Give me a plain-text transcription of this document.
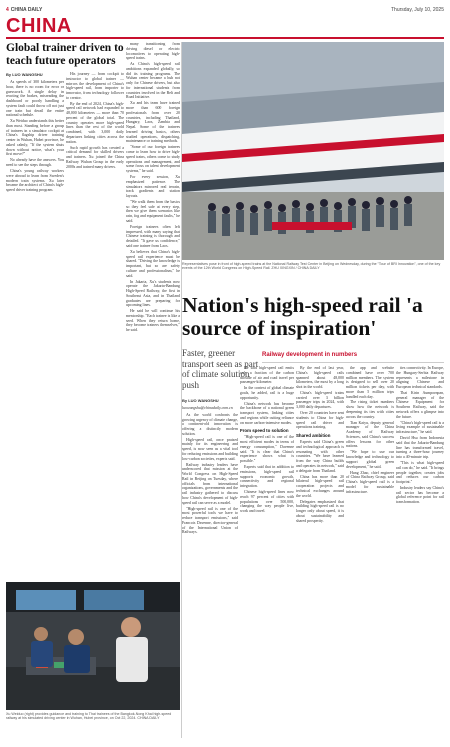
4 CHINA DAILY	Thursday, July 10, 2025
CHINA
Global trainer driven to teach future operators
By LUO WANGSHU

As speeds of 300 kilometers per hour, there is no room for error or guesswork. A single delay in reacting the brakes, misreading the dashboard or poorly handling a system fault could throw off not just one train but derail the entire national schedule.

Xu Weiduo understands this better than most. Standing before a group of trainees in a simulator cockpit at China's flagship driver training center in Wuhan, Hubei province, he asked calmly, "If the system shuts down without notice, what's your first move?"

No already have the answers. You need to see the steps through.

China's young railway workers were abroad to learn from Sweden's modern train systems. Xu later became the architect of China's high-speed driver training program.

His journey — from cockpit to instructor to global trainer — mirrors the development of China's high-speed rail, from importer to innovator, from technology follower to creator.

By the end of 2024, China's high-speed rail network had expanded to 48,000 kilometers — more than 70 percent of the global total. The country operates more high-speed lines than the rest of the world combined, with 3,000 daily departures linking cities across the nation.

Such rapid growth has created a critical demand for skilled drivers and trainers. Xu joined the China Railway Wuhan Group in the early 2000s and trained many drivers.

many transitioning from driving diesel or electric locomotives to operating high-speed trains.

As China's high-speed rail ambitions expanded globally, so did its training programs. The Wuhan center became a hub not only for Chinese drivers, but also for international students from countries involved in the Belt and Road Initiative.

Xu and his team have trained more than 600 foreign professionals from over 20 countries, including Thailand, Hungary, Laos, Zambia and Nepal. Some of the trainees learned driving basics, others studied operations, dispatching, maintenance or training methods.

"Some of our foreign trainees come to learn how to drive high-speed trains, others come to study operations and management, and some focus on talent development systems," he said.

For every session, Xu emphasized patience. The simulators mirrored real terrain, track gradients and station layouts.

"We walk them from the basics so they feel safe at every step, then we give them scenarios like rain, fog and equipment faults," he said.

Foreign trainees often left impressed, with many saying that Chinese training is thorough and detailed. "It gave us confidence," said one trainee from Laos.

Xu believes that China's high-speed rail experience must be shared. "Driving the knowledge is important, but so are safety culture and professionalism," he said.

In Jakarta, Xu's students now operate the Jakarta-Bandung High-Speed Railway, the first in Southeast Asia, and in Thailand graduates are preparing for upcoming lines.

He said he will continue his mentorship. "Each trainee is like a seed. When they return home, they become trainers themselves," he said.

Xu Weiduo (right) provides guidance and training to Thai trainees of the Bangkok-Nong Khai high-speed railway at his simulated driving center in Wuhan, Hubei province, on Oct 22, 2024. CHINA DAILY
Representatives pose in front of high-speed trains at the National Railway Test Center in Beijing on Wednesday, during the "Tour of BRI Innovation", one of the key events of the 12th World Congress on High-Speed Rail. ZHU XINGXIN / CHINA DAILY
Nation's high-speed rail 'a source of inspiration'
Faster, greener transport seen as part of climate solution push
Railway development in numbers
By LUO WANGSHU
luowangshu@chinadaily.com.cn

As the world confronts the growing urgency of climate change, a continent-old innovation is offering a distinctly modern solution.

High-speed rail, once praised mainly for its engineering and speed, is now seen as a vital tool for reducing emissions and building low-carbon societies, experts said.

Railway industry leaders have underscored that mission at the World Congress on High-Speed Rail in Beijing on Tuesday, where officials from international organizations, governments and the rail industry gathered to discuss how China's development of high-speed rail can serve as a model.

"High-speed rail is one of the most powerful tools we have to reduce transport emissions," said Francois Davenne, director-general of the International Union of Railways.

He said high-speed rail emits only a fraction of the carbon dioxide of air and road travel per passenger-kilometer.

In the context of global climate goals, he added, rail is a huge opportunity.

China's network has become the backbone of a national green transport system, linking cities and regions while cutting reliance on more carbon-intensive modes.

From speed to solution

"High-speed rail is one of the most efficient modes in terms of energy consumption," Davenne said. "It is clear that China's experience shows what is possible."

Experts said that in addition to emissions, high-speed rail supports economic growth, connectivity and regional integration.

Chinese high-speed lines now reach 97 percent of cities with populations over 500,000, changing the way people live, work and travel.

By the end of last year, China's high-speed rails spanned about 48,000 kilometers, the most by a long shot in the world.

China's high-speed trains carried over 3 billion passenger trips in 2024, with 3,000 daily departures.

Over 20 countries have sent students to China for high-speed rail driver and operations training.

Shared ambition

Experts said China's green and technological approach is resonating with other countries. "We have learned from the way China builds and operates its network," said a delegate from Thailand.

China has more than 20 bilateral high-speed rail cooperation projects and technical exchanges around the world.

Delegates emphasized that building high-speed rail is no longer only about speed, it is about sustainability and shared prosperity.

the app and website combined have over 700 million members. The system is designed to sell over 20 million tickets per day, with more than 5 million trips handled each day.

The rising ticket numbers show how the network is deepening its ties with cities across the country.

Tian Kaiyu, deputy general manager of the China Academy of Railway Sciences, said China's success offers lessons for other nations.

"We hope to use our knowledge and technology to support global green development," he said.

Hung Zhao, chief engineer of China Railway Group, said China's high-speed rail is a model for sustainable infrastructure.

ties connectivity. In Europe, the Hungary-Serbia Railway represents a milestone in aligning Chinese and European technical standards.

Thai Kirin Aumpornpan, general manager of the Chinese Equipment for Southern Railway, said the network offers a glimpse into the future.

"China's high-speed rail is a living example of sustainable infrastructure," he said.

David Hsu from Indonesia said that the Jakarta-Bandung line has transformed travel, turning a three-hour journey into a 40-minute trip.

"This is what high-speed rail can do," he said. "It brings people together, creates jobs and reduces our carbon footprint."

Industry leaders say China's rail sector has become a global reference point for rail transformation.
